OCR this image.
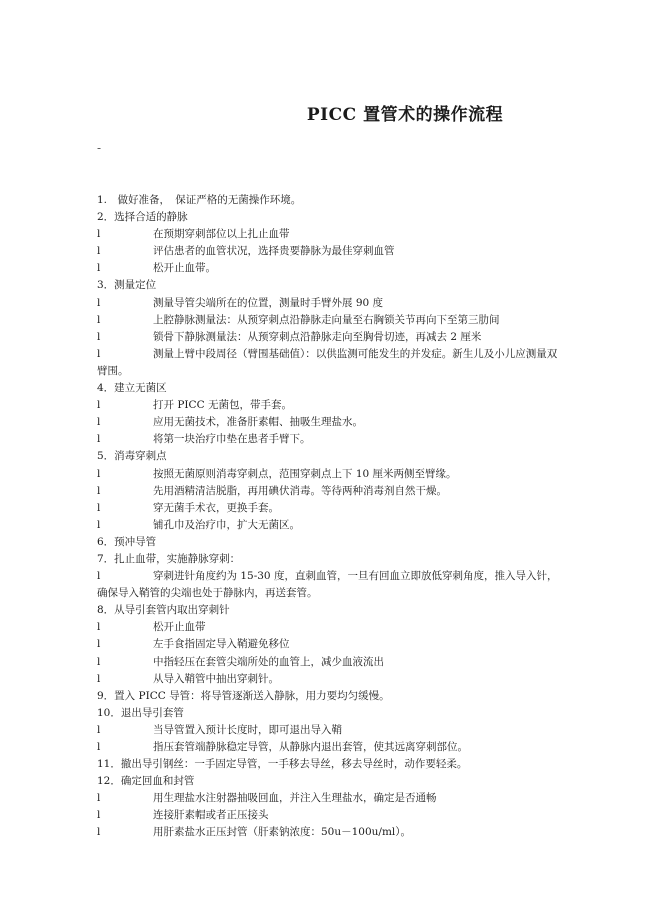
PICC 置管术的操作流程
-
1.　做好准备，　保证严格的无菌操作环境。
2．选择合适的静脉
l	在预期穿刺部位以上扎止血带
l	评估患者的血管状况，选择贵要静脉为最佳穿刺血管
l	松开止血带。
3．测量定位
l	测量导管尖端所在的位置，测量时手臂外展 90 度
l	上腔静脉测量法：从预穿刺点沿静脉走向量至右胸锁关节再向下至第三肋间
l	锁骨下静脉测量法：从预穿刺点沿静脉走向至胸骨切迹，再减去 2 厘米
l	测量上臂中段周径（臂围基础值）：以供监测可能发生的并发症。新生儿及小儿应测量双臂围。
4．建立无菌区
l	打开 PICC 无菌包，带手套。
l	应用无菌技术，准备肝素帽、抽吸生理盐水。
l	将第一块治疗巾垫在患者手臂下。
5．消毒穿刺点
l	按照无菌原则消毒穿刺点，范围穿刺点上下 10 厘米两侧至臂缘。
l	先用酒精清洁脱脂，再用碘伏消毒。等待两种消毒剂自然干燥。
l	穿无菌手术衣，更换手套。
l	铺孔巾及治疗巾，扩大无菌区。
6．预冲导管
7．扎止血带，实施静脉穿刺：
l	穿刺进针角度约为 15-30 度，直刺血管，一旦有回血立即放低穿刺角度，推入导入针，确保导入鞘管的尖端也处于静脉内，再送套管。
8．从导引套管内取出穿刺针
l	松开止血带
l	左手食指固定导入鞘避免移位
l	中指轻压在套管尖端所处的血管上，减少血液流出
l	从导入鞘管中抽出穿刺针。
9．置入 PICC 导管：将导管逐渐送入静脉，用力要均匀缓慢。
10．退出导引套管
l	当导管置入预计长度时，即可退出导入鞘
l	指压套管端静脉稳定导管，从静脉内退出套管，使其远离穿刺部位。
11．撤出导引钢丝：一手固定导管，一手移去导丝，移去导丝时，动作要轻柔。
12．确定回血和封管
l	用生理盐水注射器抽吸回血，并注入生理盐水，确定是否通畅
l	连接肝素帽或者正压接头
l	用肝素盐水正压封管（肝素钠浓度：50u－100u/ml）。
